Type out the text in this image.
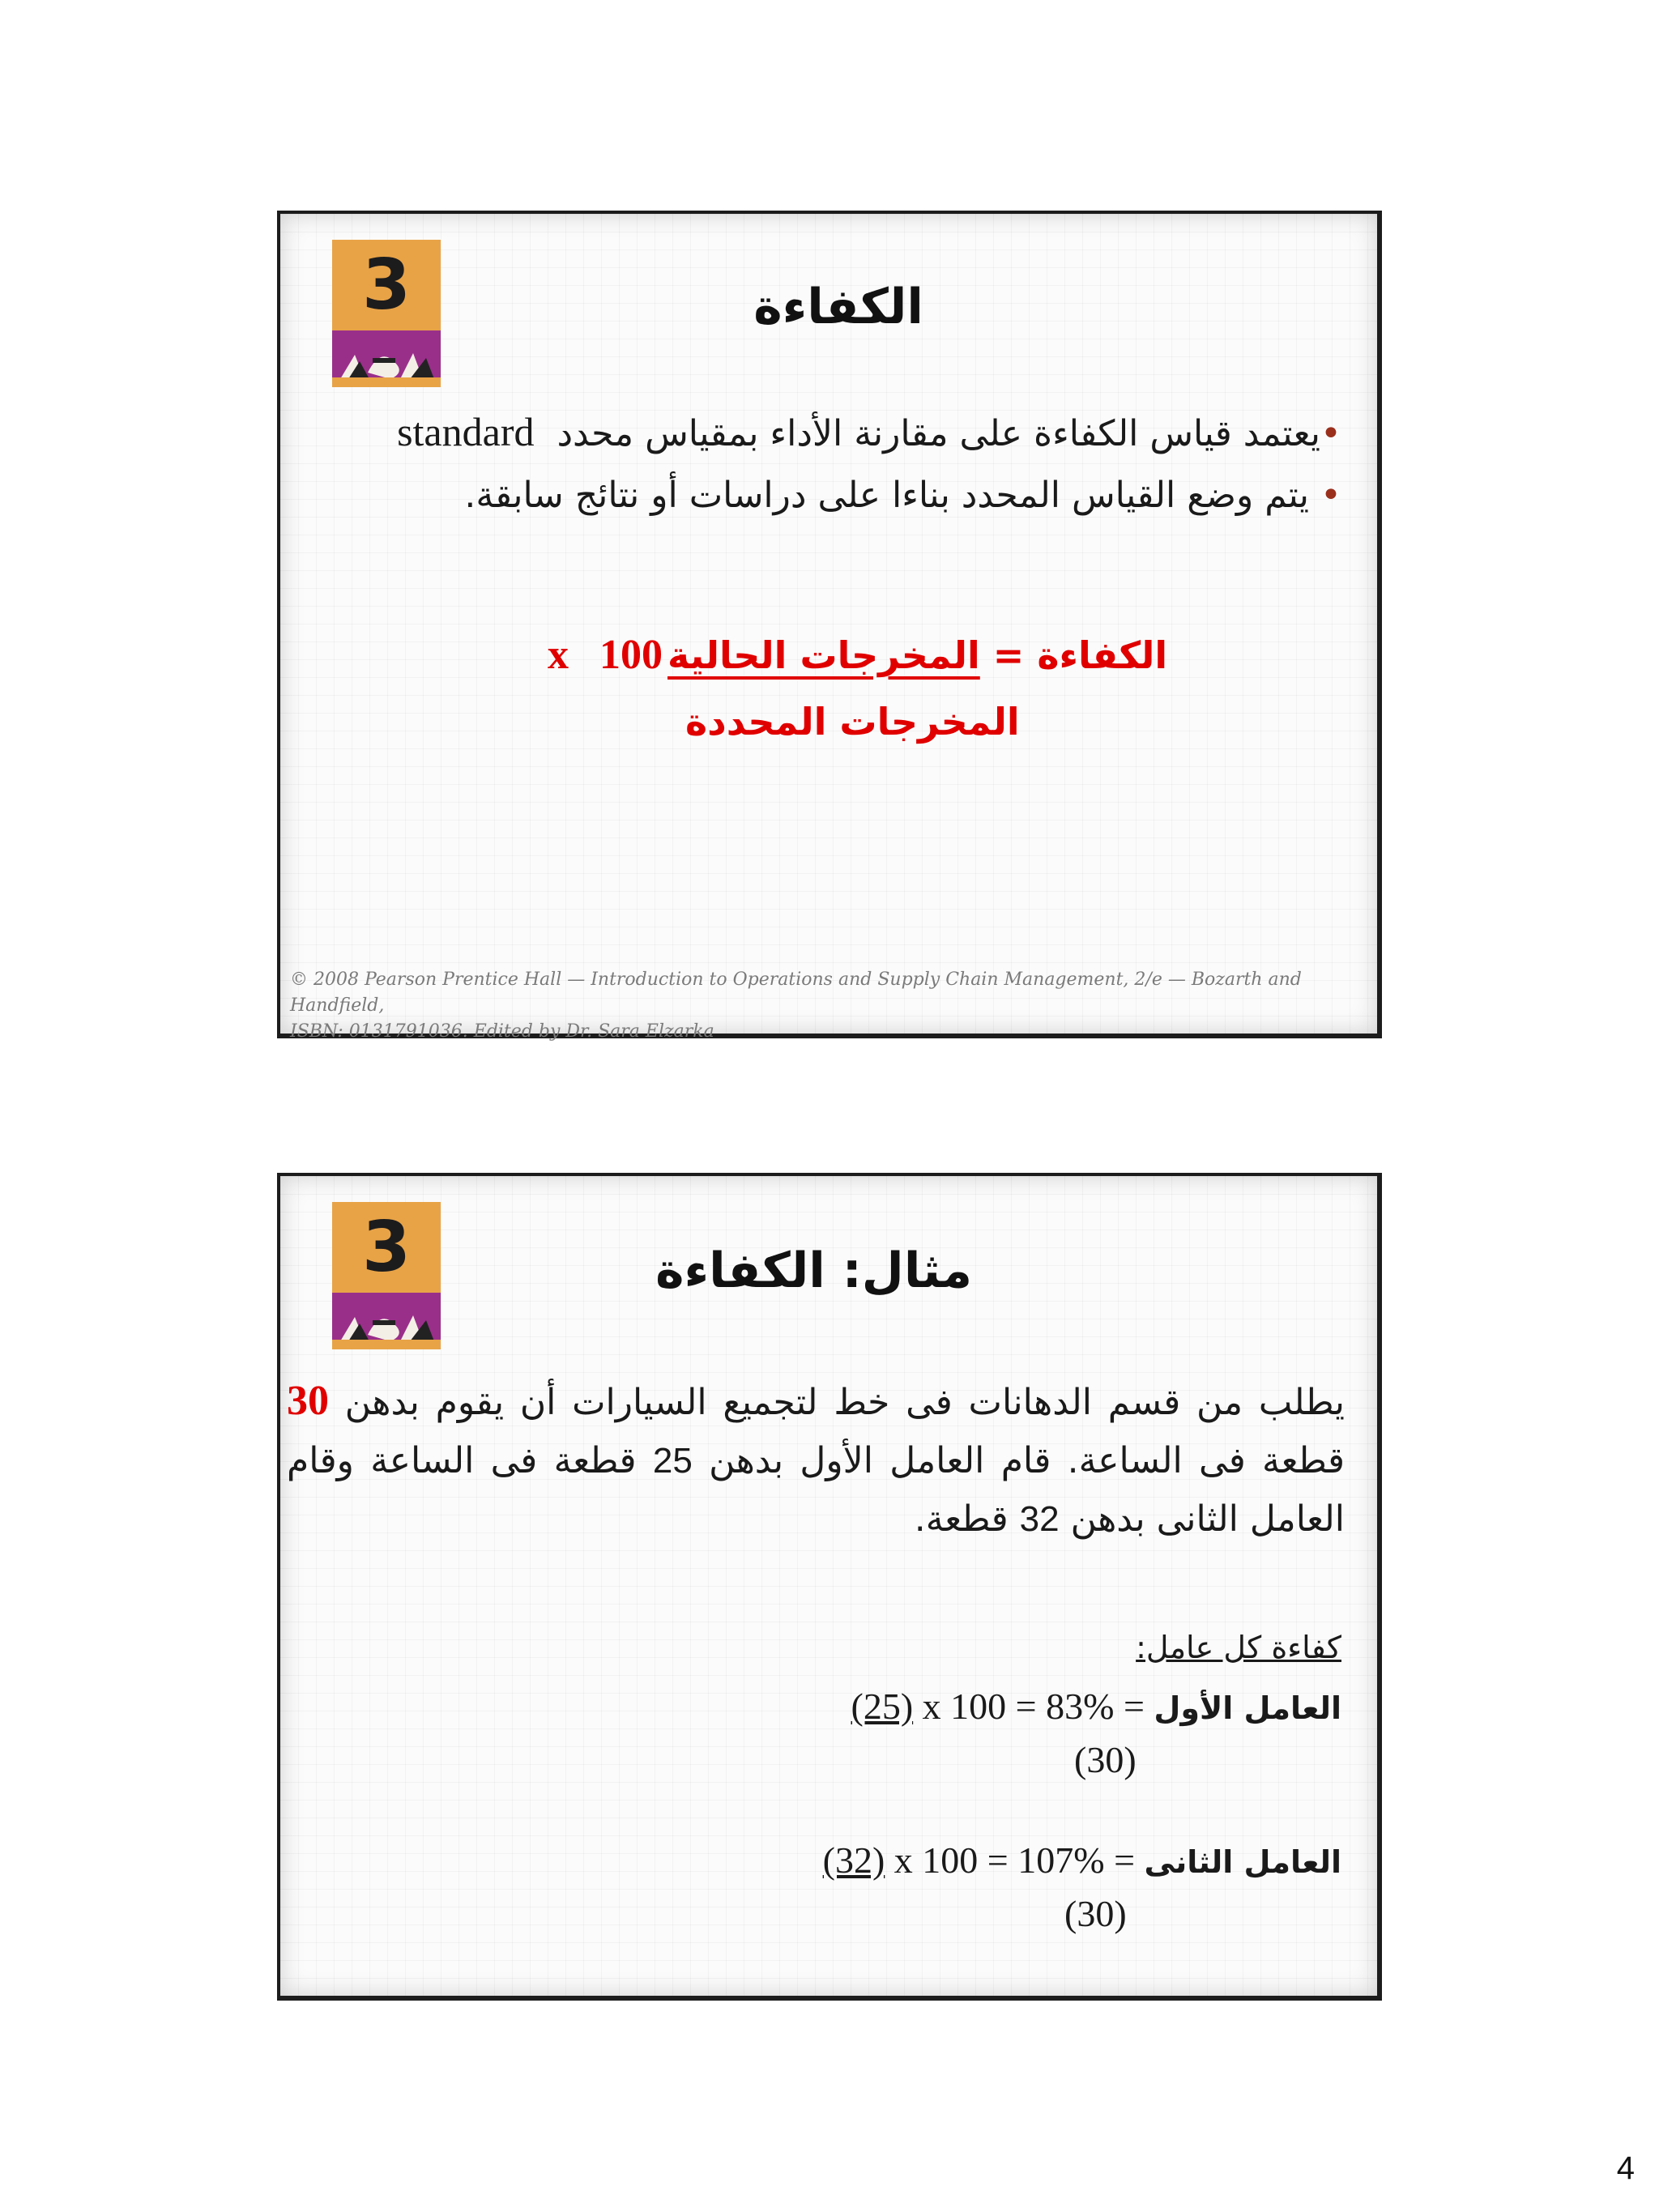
3	الكفاءة
•يعتمد قياس الكفاءة على مقارنة الأداء بمقياس محدد  standard
• يتم وضع القياس المحدد بناءا على دراسات أو نتائج سابقة.
الكفاءة = المخرجات الحاليةx 100
المخرجات المحددة
© 2008 Pearson Prentice Hall — Introduction to Operations and Supply Chain Management, 2/e — Bozarth and Handfield,
ISBN: 0131791036. Edited by Dr. Sara Elzarka
3	مثال: الكفاءة
يطلب من قسم الدهانات فى خط لتجميع السيارات أن يقوم بدهن 30 قطعة فى الساعة. قام العامل الأول بدهن 25 قطعة فى الساعة وقام العامل الثانى بدهن 32 قطعة.
كفاءة كل عامل:
العامل الأول = (25) x 100 = 83%
(30)
العامل الثانى = (32) x 100 = 107%
(30)
4
